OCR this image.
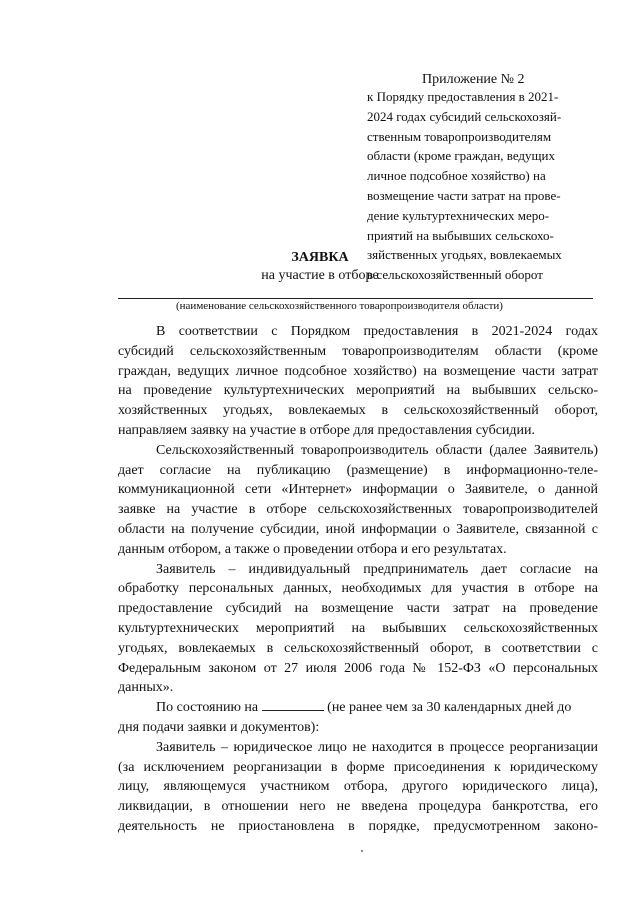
Приложение № 2
к Порядку предоставления в 2021-
2024 годах субсидий сельскохозяй-
ственным товаропроизводителям
области (кроме граждан, ведущих
личное подсобное хозяйство) на
возмещение части затрат на прове-
дение культуртехнических меро-
приятий на выбывших сельскохо-
зяйственных угодьях, вовлекаемых
в сельскохозяйственный оборот
ЗАЯВКА
на участие в отборе
(наименование сельскохозяйственного товаропроизводителя области)
В соответствии с Порядком предоставления в 2021-2024 годах
субсидий сельскохозяйственным товаропроизводителям области (кроме
граждан, ведущих личное подсобное хозяйство) на возмещение части затрат
на проведение культуртехнических мероприятий на выбывших сельско-
хозяйственных угодьях, вовлекаемых в сельскохозяйственный оборот,
направляем заявку на участие в отборе для предоставления субсидии.
Сельскохозяйственный товаропроизводитель области (далее Заявитель)
дает согласие на публикацию (размещение) в информационно-теле-
коммуникационной сети «Интернет» информации о Заявителе, о данной
заявке на участие в отборе сельскохозяйственных товаропроизводителей
области на получение субсидии, иной информации о Заявителе, связанной с
данным отбором, а также о проведении отбора и его результатах.
Заявитель – индивидуальный предприниматель дает согласие на
обработку персональных данных, необходимых для участия в отборе на
предоставление субсидий на возмещение части затрат на проведение
культуртехнических мероприятий на выбывших сельскохозяйственных
угодьях, вовлекаемых в сельскохозяйственный оборот, в соответствии с
Федеральным законом от 27 июля 2006 года № 152-ФЗ «О персональных
данных».
По состоянию на	(не ранее чем за 30 календарных дней до
дня подачи заявки и документов):
Заявитель – юридическое лицо не находится в процессе реорганизации
(за исключением реорганизации в форме присоединения к юридическому
лицу, являющемуся участником отбора, другого юридического лица),
ликвидации, в отношении него не введена процедура банкротства, его
деятельность не приостановлена в порядке, предусмотренном законо-
